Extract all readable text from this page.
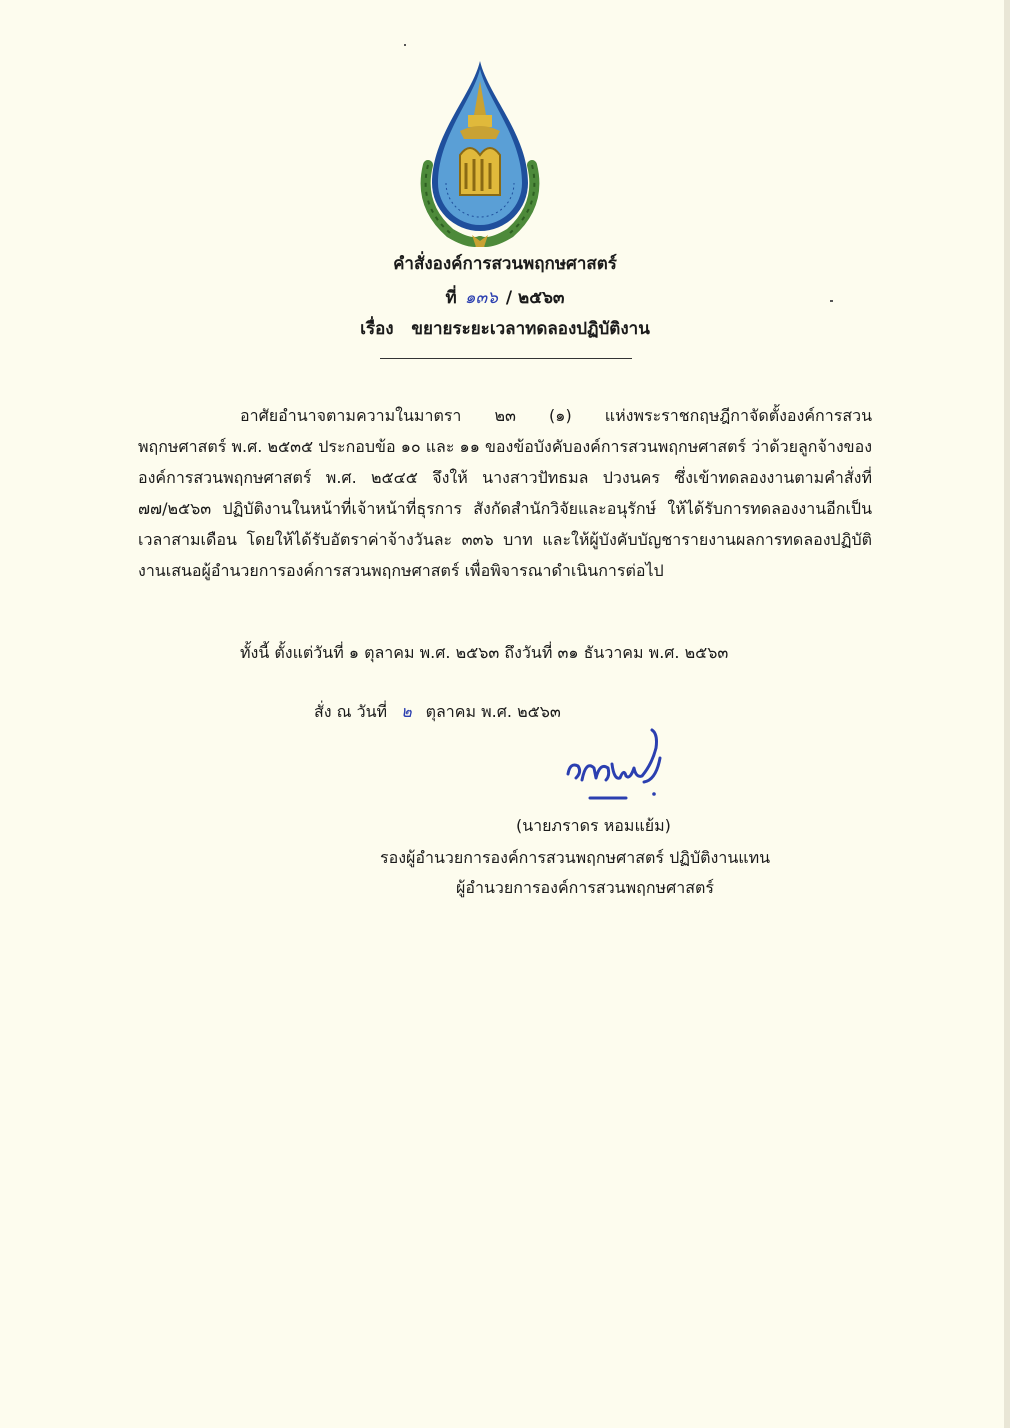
คำสั่งองค์การสวนพฤกษศาสตร์
ที่ ๑๓๖ / ๒๕๖๓
เรื่อง ขยายระยะเวลาทดลองปฏิบัติงาน

อาศัยอำนาจตามความในมาตรา ๒๓ (๑) แห่งพระราชกฤษฎีกาจัดตั้งองค์การสวนพฤกษศาสตร์ พ.ศ. ๒๕๓๕ ประกอบข้อ ๑๐ และ ๑๑ ของข้อบังคับองค์การสวนพฤกษศาสตร์ ว่าด้วยลูกจ้างขององค์การสวนพฤกษศาสตร์ พ.ศ. ๒๕๔๕ จึงให้ นางสาวปัทธมล ปวงนคร ซึ่งเข้าทดลองงานตามคำสั่งที่ ๗๗/๒๕๖๓ ปฏิบัติงานในหน้าที่เจ้าหน้าที่ธุรการ สังกัดสำนักวิจัยและอนุรักษ์ ให้ได้รับการทดลองงานอีกเป็นเวลาสามเดือน โดยให้ได้รับอัตราค่าจ้างวันละ ๓๓๖ บาท และให้ผู้บังคับบัญชารายงานผลการทดลองปฏิบัติงานเสนอผู้อำนวยการองค์การสวนพฤกษศาสตร์ เพื่อพิจารณาดำเนินการต่อไป

ทั้งนี้ ตั้งแต่วันที่ ๑ ตุลาคม พ.ศ. ๒๕๖๓ ถึงวันที่ ๓๑ ธันวาคม พ.ศ. ๒๕๖๓
สั่ง ณ วันที่ ๒ ตุลาคม พ.ศ. ๒๕๖๓
(นายภราดร หอมแย้ม)
รองผู้อำนวยการองค์การสวนพฤกษศาสตร์ ปฏิบัติงานแทน
ผู้อำนวยการองค์การสวนพฤกษศาสตร์
